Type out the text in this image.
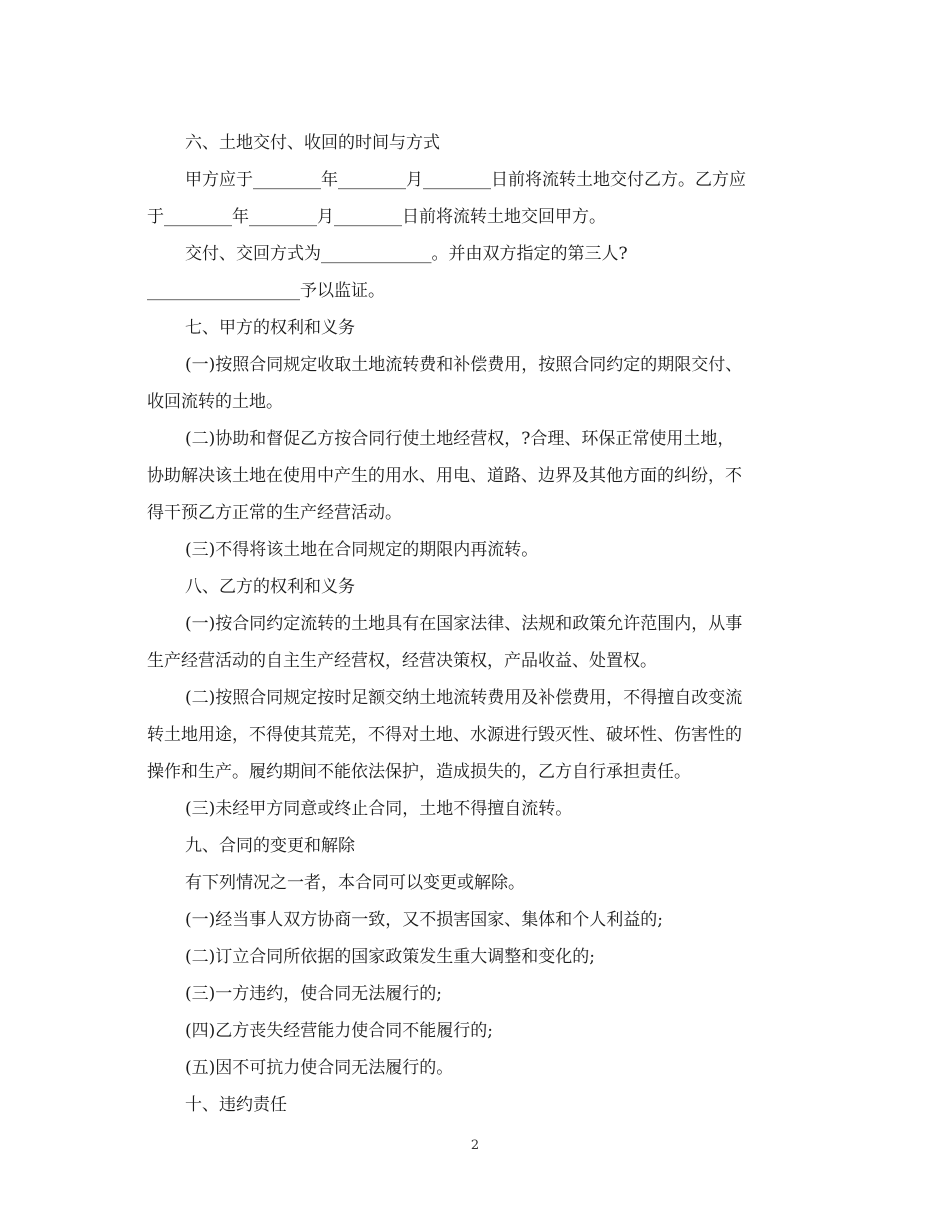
六、土地交付、收回的时间与方式
甲方应于________年________月________日前将流转土地交付乙方。乙方应
于________年________月________日前将流转土地交回甲方。
交付、交回方式为_____________。并由双方指定的第三人?
__________________予以监证。
七、甲方的权利和义务
(一)按照合同规定收取土地流转费和补偿费用，按照合同约定的期限交付、
收回流转的土地。
(二)协助和督促乙方按合同行使土地经营权，?合理、环保正常使用土地，
协助解决该土地在使用中产生的用水、用电、道路、边界及其他方面的纠纷，不
得干预乙方正常的生产经营活动。
(三)不得将该土地在合同规定的期限内再流转。
八、乙方的权利和义务
(一)按合同约定流转的土地具有在国家法律、法规和政策允许范围内，从事
生产经营活动的自主生产经营权，经营决策权，产品收益、处置权。
(二)按照合同规定按时足额交纳土地流转费用及补偿费用，不得擅自改变流
转土地用途，不得使其荒芜，不得对土地、水源进行毁灭性、破坏性、伤害性的
操作和生产。履约期间不能依法保护，造成损失的，乙方自行承担责任。
(三)未经甲方同意或终止合同，土地不得擅自流转。
九、合同的变更和解除
有下列情况之一者，本合同可以变更或解除。
(一)经当事人双方协商一致，又不损害国家、集体和个人利益的;
(二)订立合同所依据的国家政策发生重大调整和变化的;
(三)一方违约，使合同无法履行的;
(四)乙方丧失经营能力使合同不能履行的;
(五)因不可抗力使合同无法履行的。
十、违约责任
2
